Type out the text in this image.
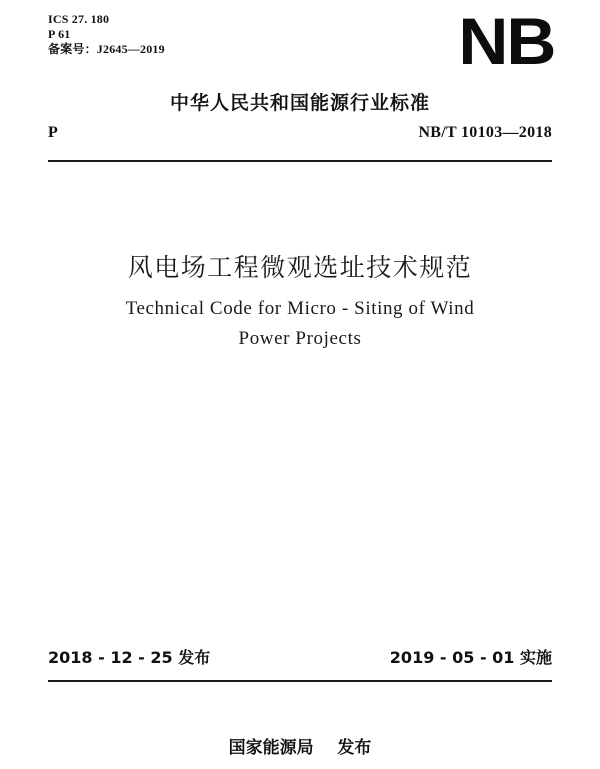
ICS 27. 180
P 61
备案号：J2645—2019	NB
中华人民共和国能源行业标准
P	NB/T 10103—2018
风电场工程微观选址技术规范
Technical Code for Micro - Siting of Wind
Power Projects
2018 - 12 - 25 发布	2019 - 05 - 01 实施
国家能源局    发布
